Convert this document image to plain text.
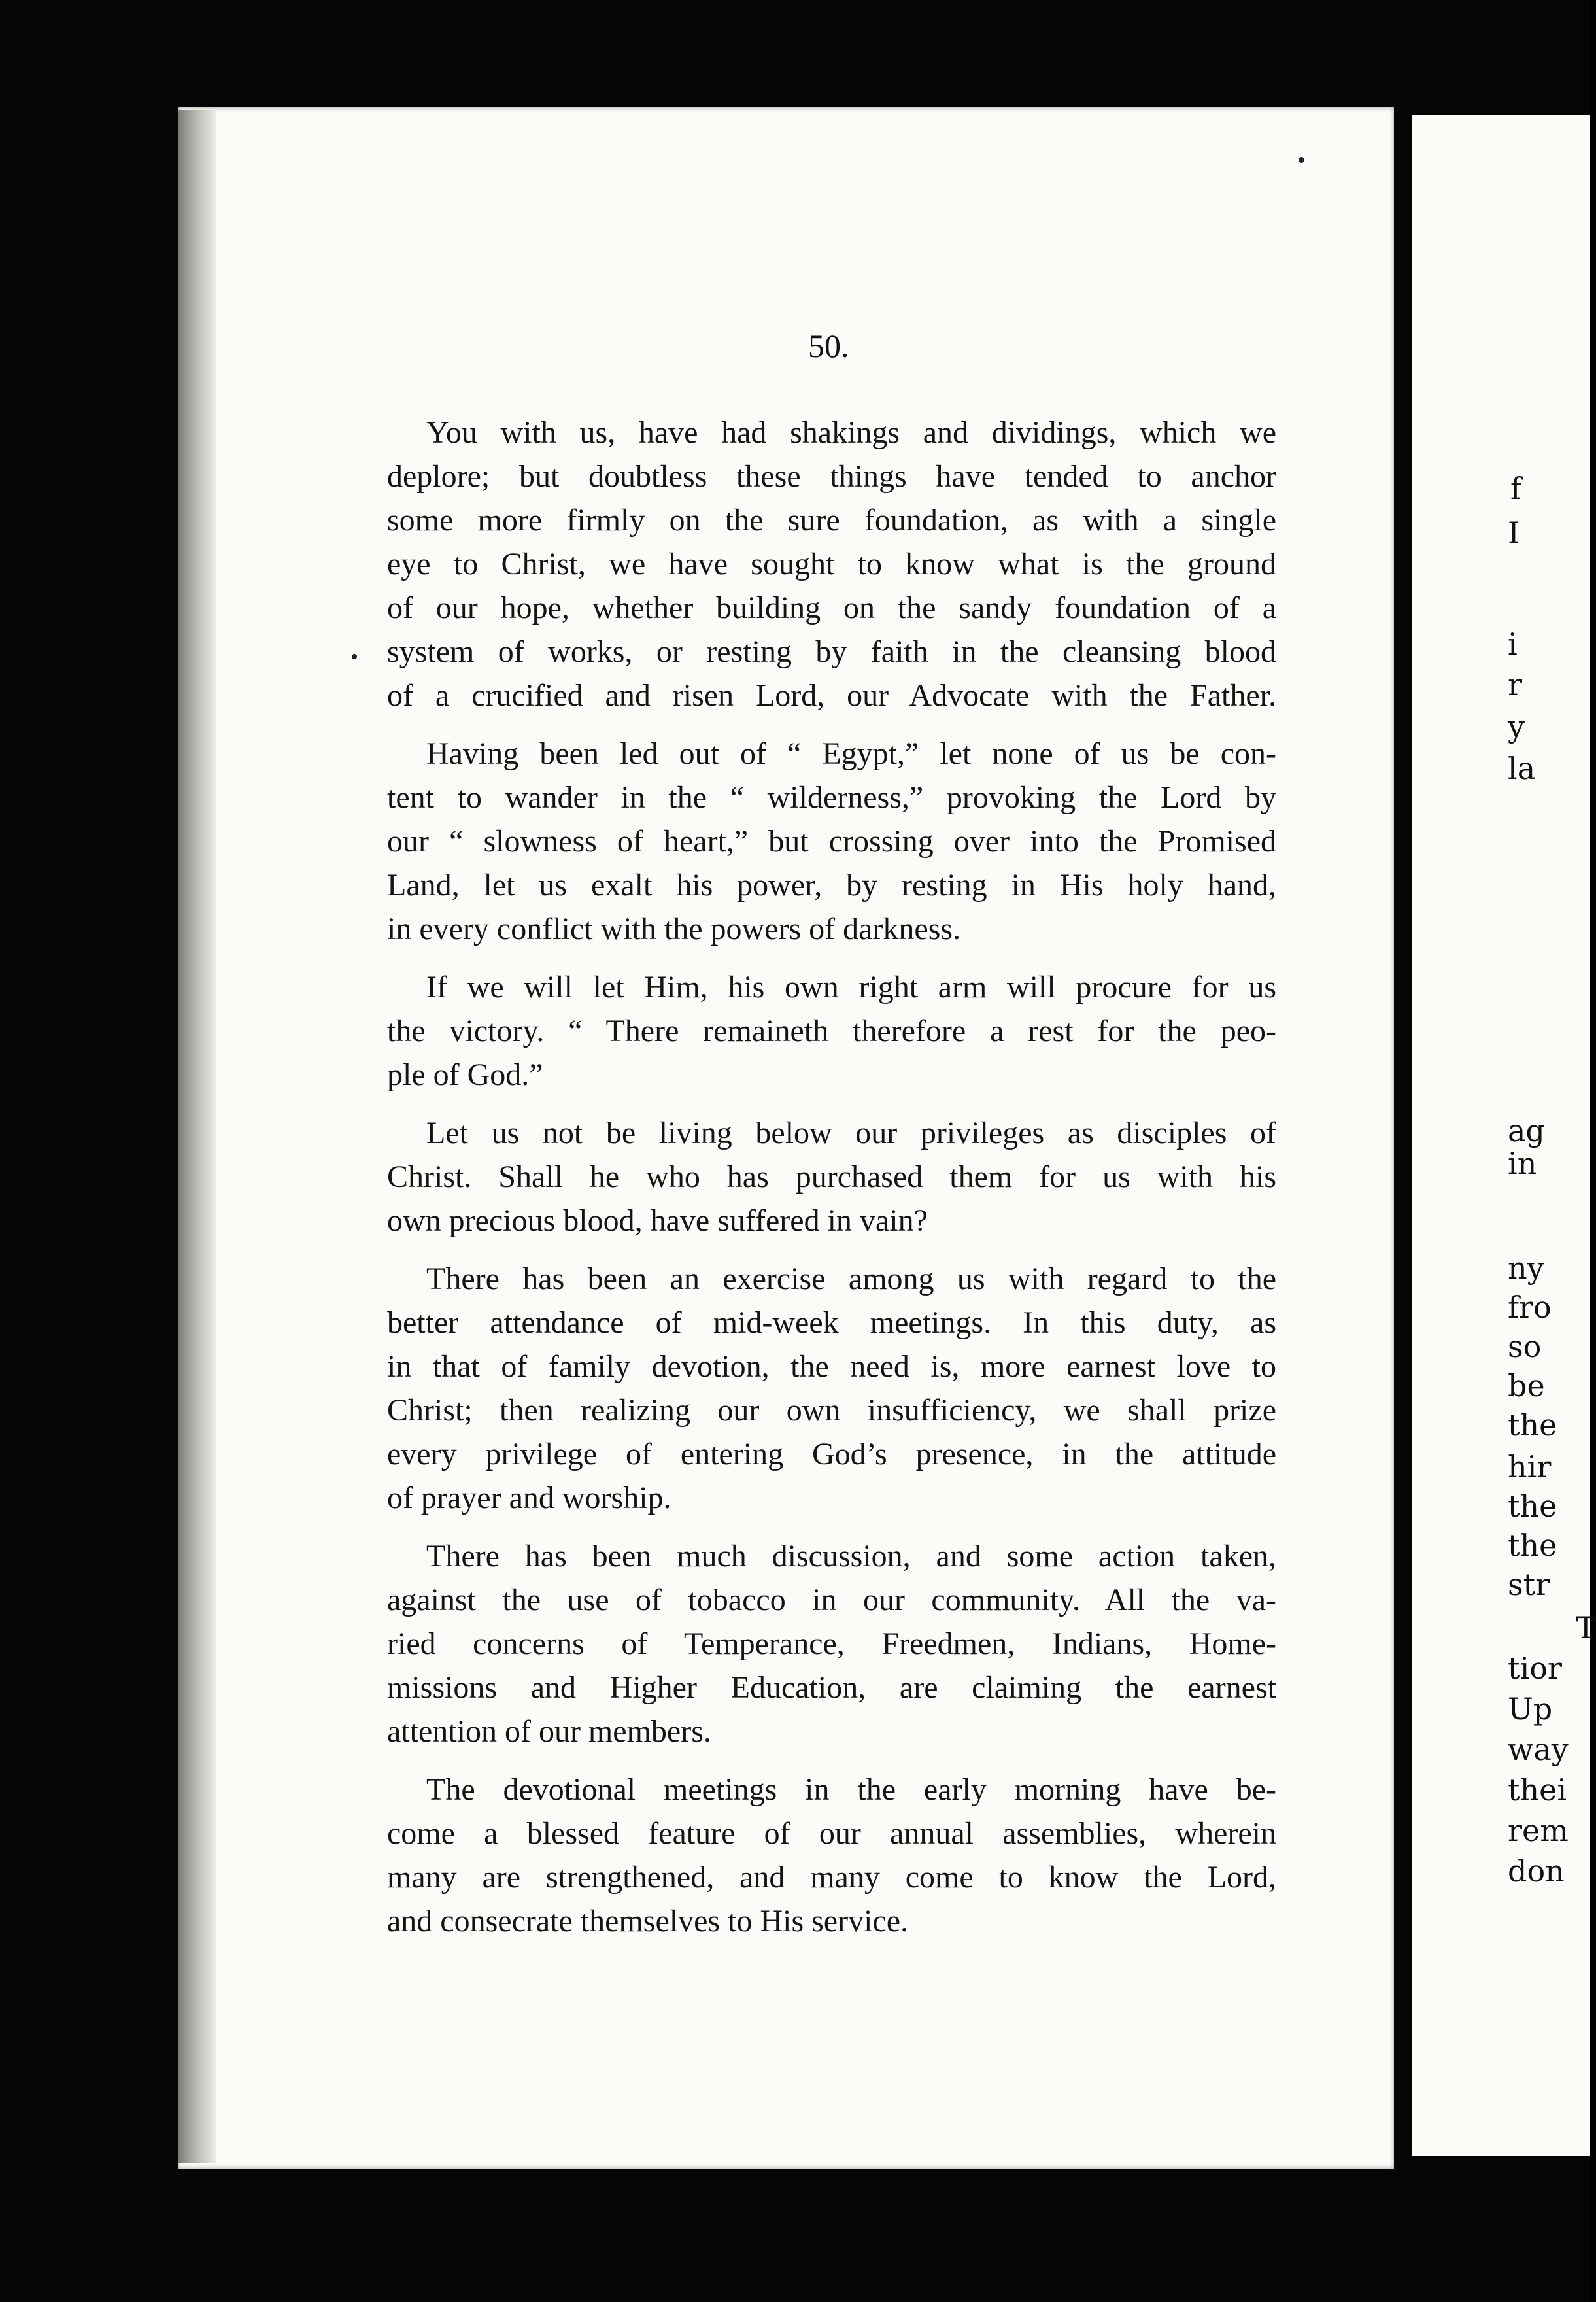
f
I
i
r
y
la
ag
in
ny
fro
so
be
the
hir
the
the
str
T
tior
Up
way
thei
rem
don
50.
You with us, have had shakings and dividings, which we
deplore; but doubtless these things have tended to anchor
some more firmly on the sure foundation, as with a single
eye to Christ, we have sought to know what is the ground
of our hope, whether building on the sandy foundation of a
system of works, or resting by faith in the cleansing blood
of a crucified and risen Lord, our Advocate with the Father.
Having been led out of “ Egypt,” let none of us be con-
tent to wander in the “ wilderness,” provoking the Lord by
our “ slowness of heart,” but crossing over into the Promised
Land, let us exalt his power, by resting in His holy hand,
in every conflict with the powers of darkness.
If we will let Him, his own right arm will procure for us
the victory. “ There remaineth therefore a rest for the peo-
ple of God.”
Let us not be living below our privileges as disciples of
Christ. Shall he who has purchased them for us with his
own precious blood, have suffered in vain?
There has been an exercise among us with regard to the
better attendance of mid-week meetings. In this duty, as
in that of family devotion, the need is, more earnest love to
Christ; then realizing our own insufficiency, we shall prize
every privilege of entering God’s presence, in the attitude
of prayer and worship.
There has been much discussion, and some action taken,
against the use of tobacco in our community. All the va-
ried concerns of Temperance, Freedmen, Indians, Home-
missions and Higher Education, are claiming the earnest
attention of our members.
The devotional meetings in the early morning have be-
come a blessed feature of our annual assemblies, wherein
many are strengthened, and many come to know the Lord,
and consecrate themselves to His service.
